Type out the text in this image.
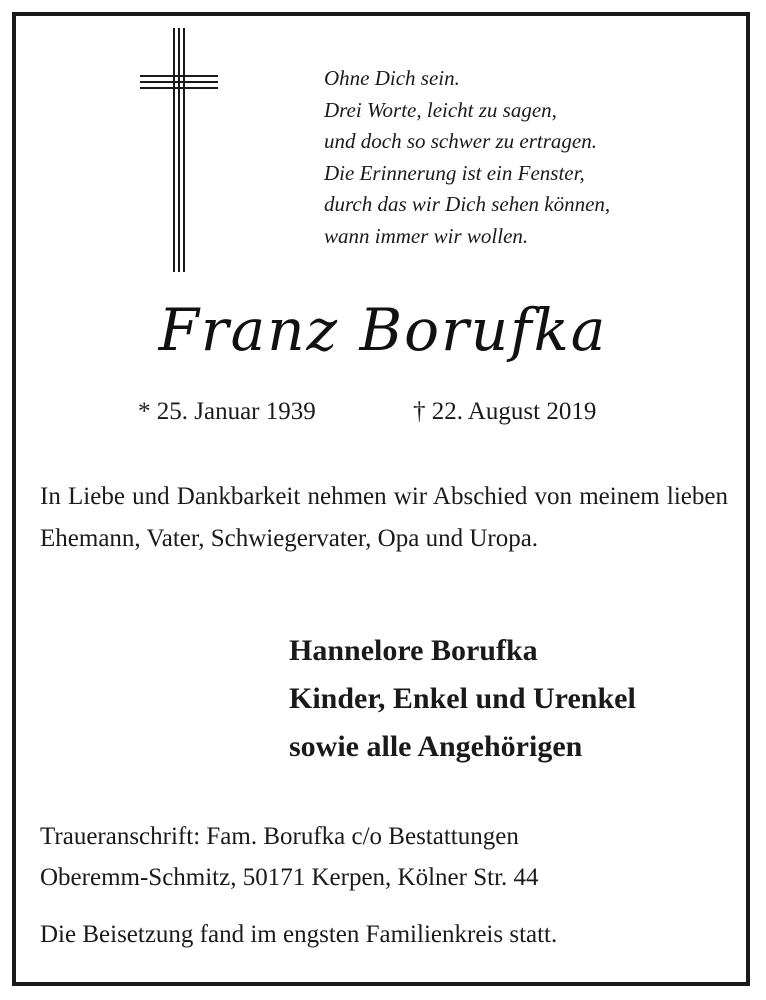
Ohne Dich sein.
Drei Worte, leicht zu sagen,
und doch so schwer zu ertragen.
Die Erinnerung ist ein Fenster,
durch das wir Dich sehen können,
wann immer wir wollen.

Franz Borufka
* 25. Januar 1939	† 22. August 2019

In Liebe und Dankbarkeit nehmen wir Abschied von meinem lieben Ehemann, Vater, Schwiegervater, Opa und Uropa.

Hannelore Borufka
Kinder, Enkel und Urenkel
sowie alle Angehörigen

Traueranschrift: Fam. Borufka c/o Bestattungen
Oberemm-Schmitz, 50171 Kerpen, Kölner Str. 44

Die Beisetzung fand im engsten Familienkreis statt.
